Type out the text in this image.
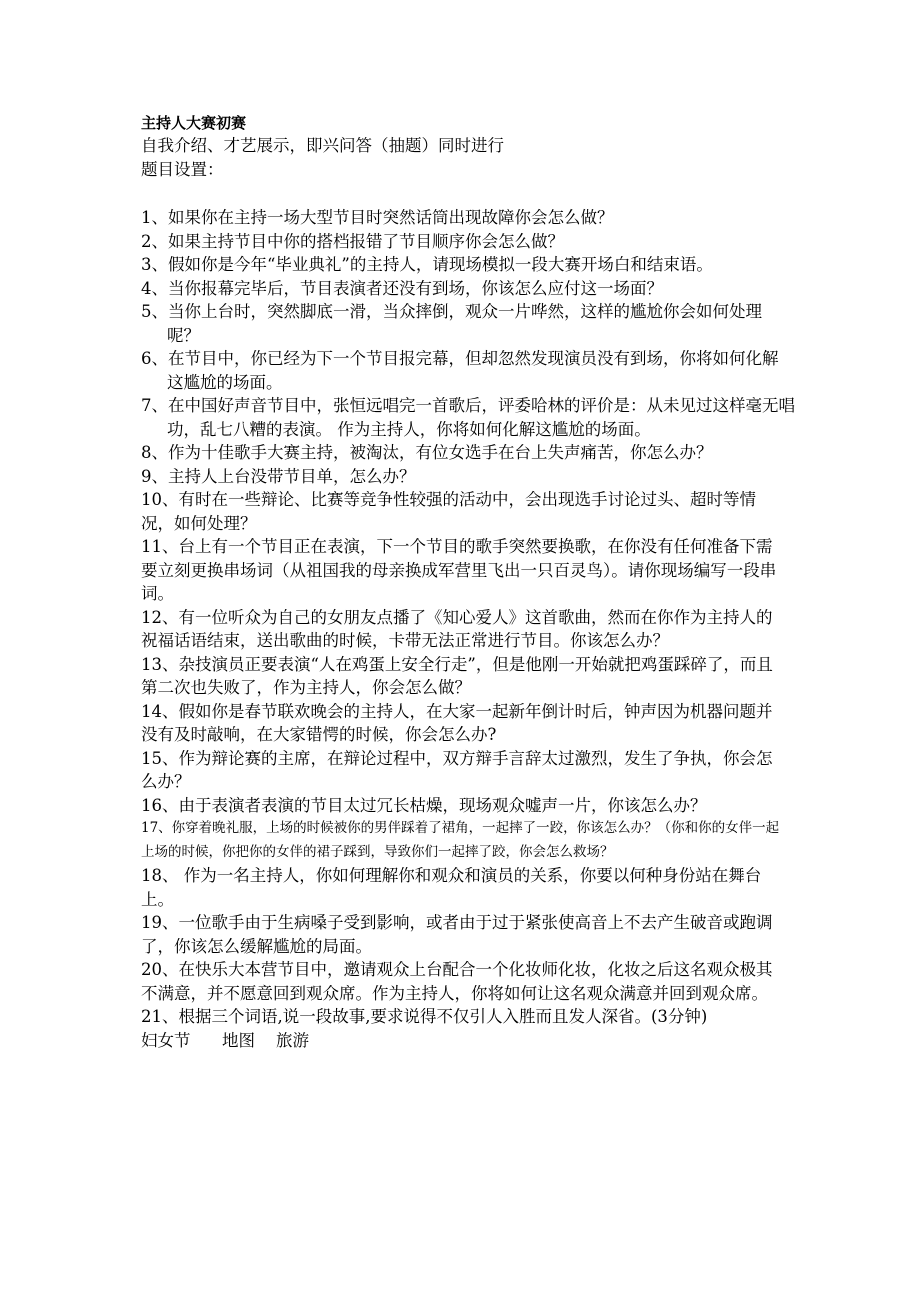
主持人大赛初赛

自我介绍、才艺展示，即兴问答（抽题）同时进行

题目设置：

1、如果你在主持一场大型节目时突然话筒出现故障你会怎么做？

2、如果主持节目中你的搭档报错了节目顺序你会怎么做？

3、假如你是今年“毕业典礼”的主持人，请现场模拟一段大赛开场白和结束语。

4、当你报幕完毕后，节目表演者还没有到场，你该怎么应付这一场面？

5、当你上台时，突然脚底一滑，当众摔倒，观众一片哗然，这样的尴尬你会如何处理呢？

6、在节目中，你已经为下一个节目报完幕，但却忽然发现演员没有到场，你将如何化解这尴尬的场面。

7、在中国好声音节目中，张恒远唱完一首歌后，评委哈林的评价是：从未见过这样毫无唱功，乱七八糟的表演。 作为主持人，你将如何化解这尴尬的场面。

8、作为十佳歌手大赛主持，被淘汰，有位女选手在台上失声痛苦，你怎么办？

9、主持人上台没带节目单，怎么办？

10、有时在一些辩论、比赛等竞争性较强的活动中，会出现选手讨论过头、超时等情况，如何处理？

11、台上有一个节目正在表演，下一个节目的歌手突然要换歌，在你没有任何准备下需要立刻更换串场词（从祖国我的母亲换成军营里飞出一只百灵鸟）。请你现场编写一段串词。

12、有一位听众为自己的女朋友点播了《知心爱人》这首歌曲，然而在你作为主持人的祝福话语结束，送出歌曲的时候，卡带无法正常进行节目。你该怎么办？

13、杂技演员正要表演“人在鸡蛋上安全行走”，但是他刚一开始就把鸡蛋踩碎了，而且第二次也失败了，作为主持人，你会怎么做？

14、假如你是春节联欢晚会的主持人，在大家一起新年倒计时后，钟声因为机器问题并没有及时敲响，在大家错愕的时候，你会怎么办?

15、作为辩论赛的主席，在辩论过程中，双方辩手言辞太过激烈，发生了争执，你会怎么办？

16、由于表演者表演的节目太过冗长枯燥，现场观众嘘声一片，你该怎么办？

17、你穿着晚礼服，上场的时候被你的男伴踩着了裙角，一起摔了一跤，你该怎么办？（你和你的女伴一起上场的时候，你把你的女伴的裙子踩到，导致你们一起摔了跤，你会怎么救场？

18、 作为一名主持人，你如何理解你和观众和演员的关系，你要以何种身份站在舞台上。

19、一位歌手由于生病嗓子受到影响，或者由于过于紧张使高音上不去产生破音或跑调了，你该怎么缓解尴尬的局面。

20、在快乐大本营节目中，邀请观众上台配合一个化妆师化妆，化妆之后这名观众极其不满意，并不愿意回到观众席。作为主持人，你将如何让这名观众满意并回到观众席。

21、根据三个词语,说一段故事,要求说得不仅引人入胜而且发人深省。(3分钟)

妇女节      地图    旅游
